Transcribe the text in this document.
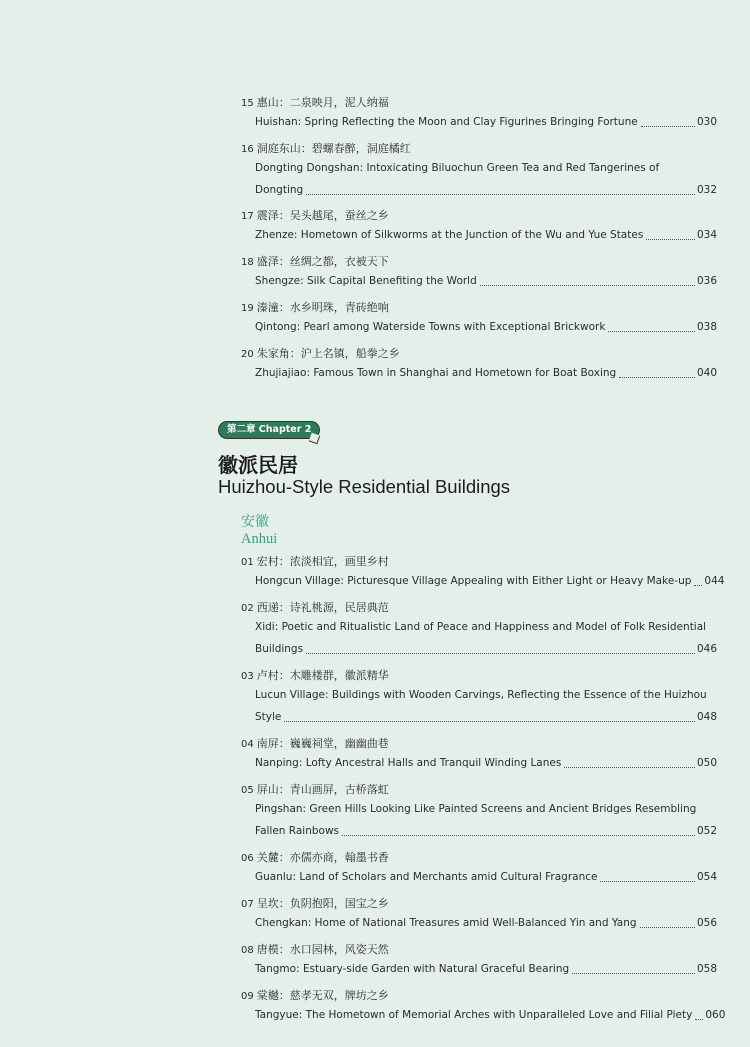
第二章 Chapter 2
徽派民居
Huizhou-Style Residential Buildings
安徽
Anhui
15 惠山：二泉映月，泥人纳福
Huishan: Spring Reflecting the Moon and Clay Figurines Bringing Fortune	030
16 洞庭东山：碧螺春醉，洞庭橘红
Dongting Dongshan: Intoxicating Biluochun Green Tea and Red Tangerines of
Dongting	032
17 震泽：吴头越尾，蚕丝之乡
Zhenze: Hometown of Silkworms at the Junction of the Wu and Yue States	034
18 盛泽：丝绸之都，衣被天下
Shengze: Silk Capital Benefiting the World	036
19 溱潼：水乡明珠，青砖绝响
Qintong: Pearl among Waterside Towns with Exceptional Brickwork	038
20 朱家角：沪上名镇，船拳之乡
Zhujiajiao: Famous Town in Shanghai and Hometown for Boat Boxing	040
01 宏村：浓淡相宜，画里乡村
Hongcun Village: Picturesque Village Appealing with Either Light or Heavy Make-up 044
02 西递：诗礼桃源，民居典范
Xidi: Poetic and Ritualistic Land of Peace and Happiness and Model of Folk Residential
Buildings	046
03 卢村：木雕楼群，徽派精华
Lucun Village: Buildings with Wooden Carvings, Reflecting the Essence of the Huizhou
Style	048
04 南屏：巍巍祠堂，幽幽曲巷
Nanping: Lofty Ancestral Halls and Tranquil Winding Lanes	050
05 屏山：青山画屏，古桥落虹
Pingshan: Green Hills Looking Like Painted Screens and Ancient Bridges Resembling
Fallen Rainbows	052
06 关麓：亦儒亦商，翰墨书香
Guanlu: Land of Scholars and Merchants amid Cultural Fragrance	054
07 呈坎：负阴抱阳，国宝之乡
Chengkan: Home of National Treasures amid Well-Balanced Yin and Yang	056
08 唐模：水口园林，风姿天然
Tangmo: Estuary-side Garden with Natural Graceful Bearing	058
09 棠樾：慈孝无双，牌坊之乡
Tangyue: The Hometown of Memorial Arches with Unparalleled Love and Filial Piety 060
